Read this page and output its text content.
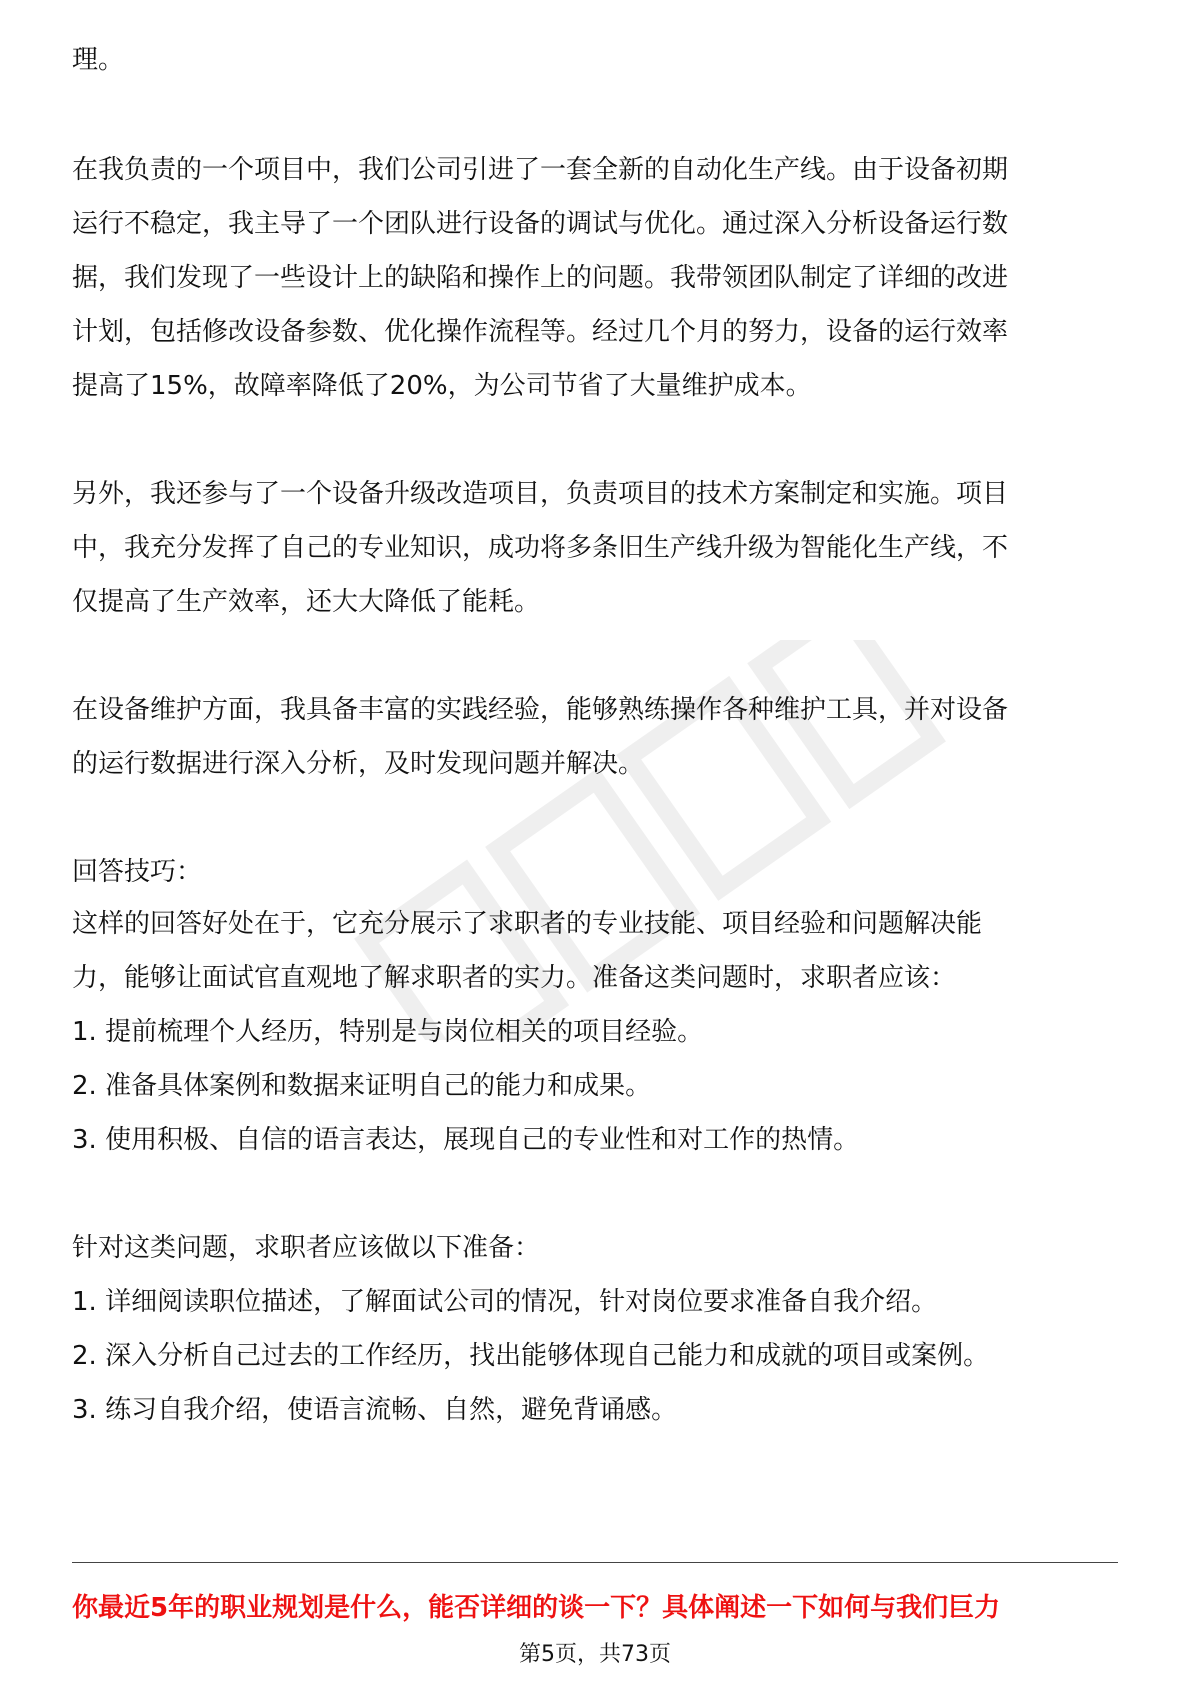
理。
在我负责的一个项目中，我们公司引进了一套全新的自动化生产线。由于设备初期
运行不稳定，我主导了一个团队进行设备的调试与优化。通过深入分析设备运行数
据，我们发现了一些设计上的缺陷和操作上的问题。我带领团队制定了详细的改进
计划，包括修改设备参数、优化操作流程等。经过几个月的努力，设备的运行效率
提高了15%，故障率降低了20%，为公司节省了大量维护成本。
另外，我还参与了一个设备升级改造项目，负责项目的技术方案制定和实施。项目
中，我充分发挥了自己的专业知识，成功将多条旧生产线升级为智能化生产线，不
仅提高了生产效率，还大大降低了能耗。
在设备维护方面，我具备丰富的实践经验，能够熟练操作各种维护工具，并对设备
的运行数据进行深入分析，及时发现问题并解决。
回答技巧：
这样的回答好处在于，它充分展示了求职者的专业技能、项目经验和问题解决能
力，能够让面试官直观地了解求职者的实力。准备这类问题时，求职者应该：
1. 提前梳理个人经历，特别是与岗位相关的项目经验。
2. 准备具体案例和数据来证明自己的能力和成果。
3. 使用积极、自信的语言表达，展现自己的专业性和对工作的热情。
针对这类问题，求职者应该做以下准备：
1. 详细阅读职位描述，了解面试公司的情况，针对岗位要求准备自我介绍。
2. 深入分析自己过去的工作经历，找出能够体现自己能力和成就的项目或案例。
3. 练习自我介绍，使语言流畅、自然，避免背诵感。
你最近5年的职业规划是什么，能否详细的谈一下？具体阐述一下如何与我们巨力
第5页，共73页
